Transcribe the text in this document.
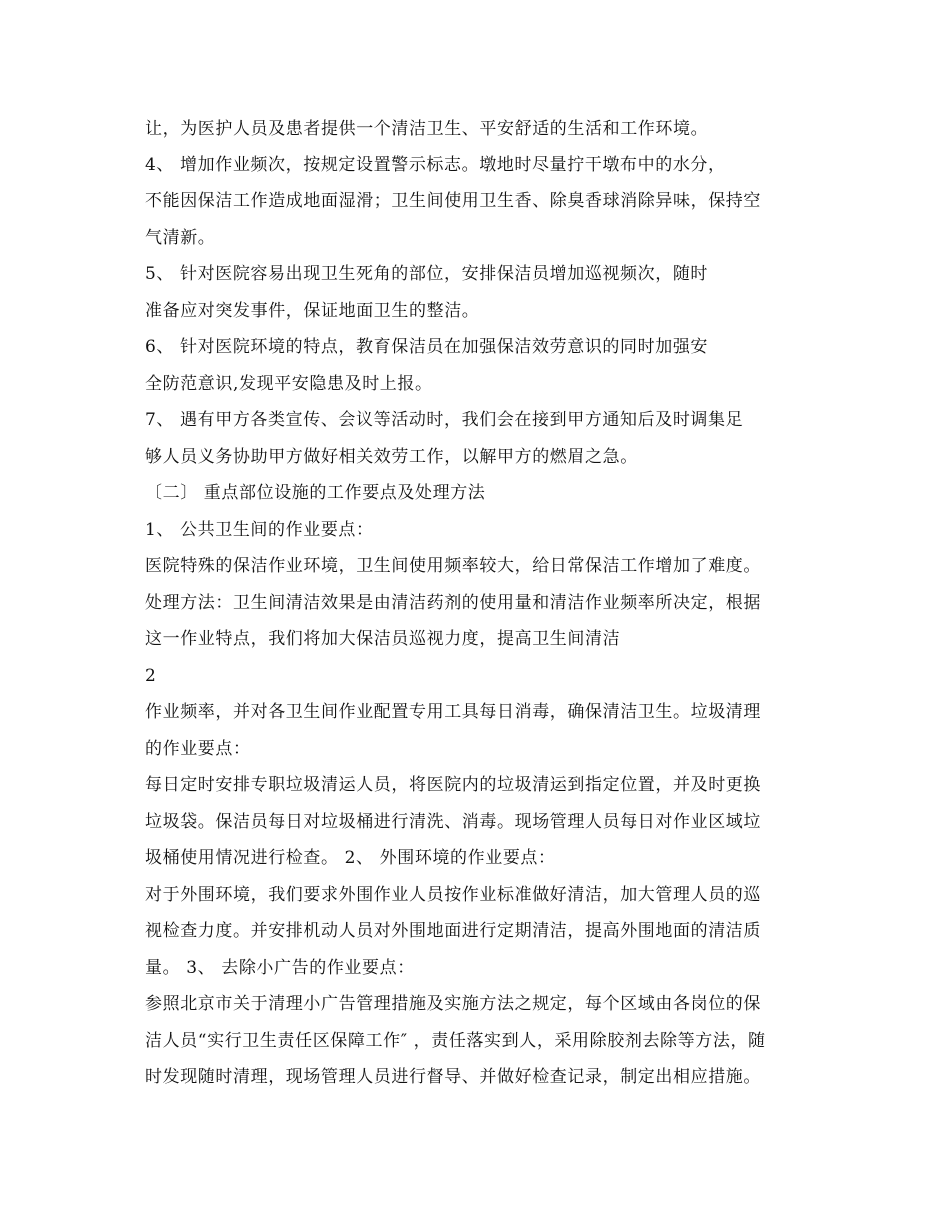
让，为医护人员及患者提供一个清洁卫生、平安舒适的生活和工作环境。
4、 增加作业频次，按规定设置警示标志。墩地时尽量拧干墩布中的水分，
不能因保洁工作造成地面湿滑；卫生间使用卫生香、除臭香球消除异味，保持空
气清新。
5、 针对医院容易出现卫生死角的部位，安排保洁员增加巡视频次，随时
准备应对突发事件，保证地面卫生的整洁。
6、 针对医院环境的特点，教育保洁员在加强保洁效劳意识的同时加强安
全防范意识,发现平安隐患及时上报。
7、 遇有甲方各类宣传、会议等活动时，我们会在接到甲方通知后及时调集足
够人员义务协助甲方做好相关效劳工作，以解甲方的燃眉之急。
〔二〕 重点部位设施的工作要点及处理方法
1、 公共卫生间的作业要点：
医院特殊的保洁作业环境，卫生间使用频率较大，给日常保洁工作增加了难度。
处理方法：卫生间清洁效果是由清洁药剂的使用量和清洁作业频率所决定，根据
这一作业特点，我们将加大保洁员巡视力度，提高卫生间清洁
2
作业频率，并对各卫生间作业配置专用工具每日消毒，确保清洁卫生。垃圾清理
的作业要点：
每日定时安排专职垃圾清运人员，将医院内的垃圾清运到指定位置，并及时更换
垃圾袋。保洁员每日对垃圾桶进行清洗、消毒。现场管理人员每日对作业区域垃
圾桶使用情况进行检查。 2、 外围环境的作业要点：
对于外围环境，我们要求外围作业人员按作业标准做好清洁，加大管理人员的巡
视检查力度。并安排机动人员对外围地面进行定期清洁，提高外围地面的清洁质
量。 3、 去除小广告的作业要点：
参照北京市关于清理小广告管理措施及实施方法之规定，每个区域由各岗位的保
洁人员“实行卫生责任区保障工作″ ，责任落实到人，采用除胶剂去除等方法，随
时发现随时清理，现场管理人员进行督导、并做好检查记录，制定出相应措施。
